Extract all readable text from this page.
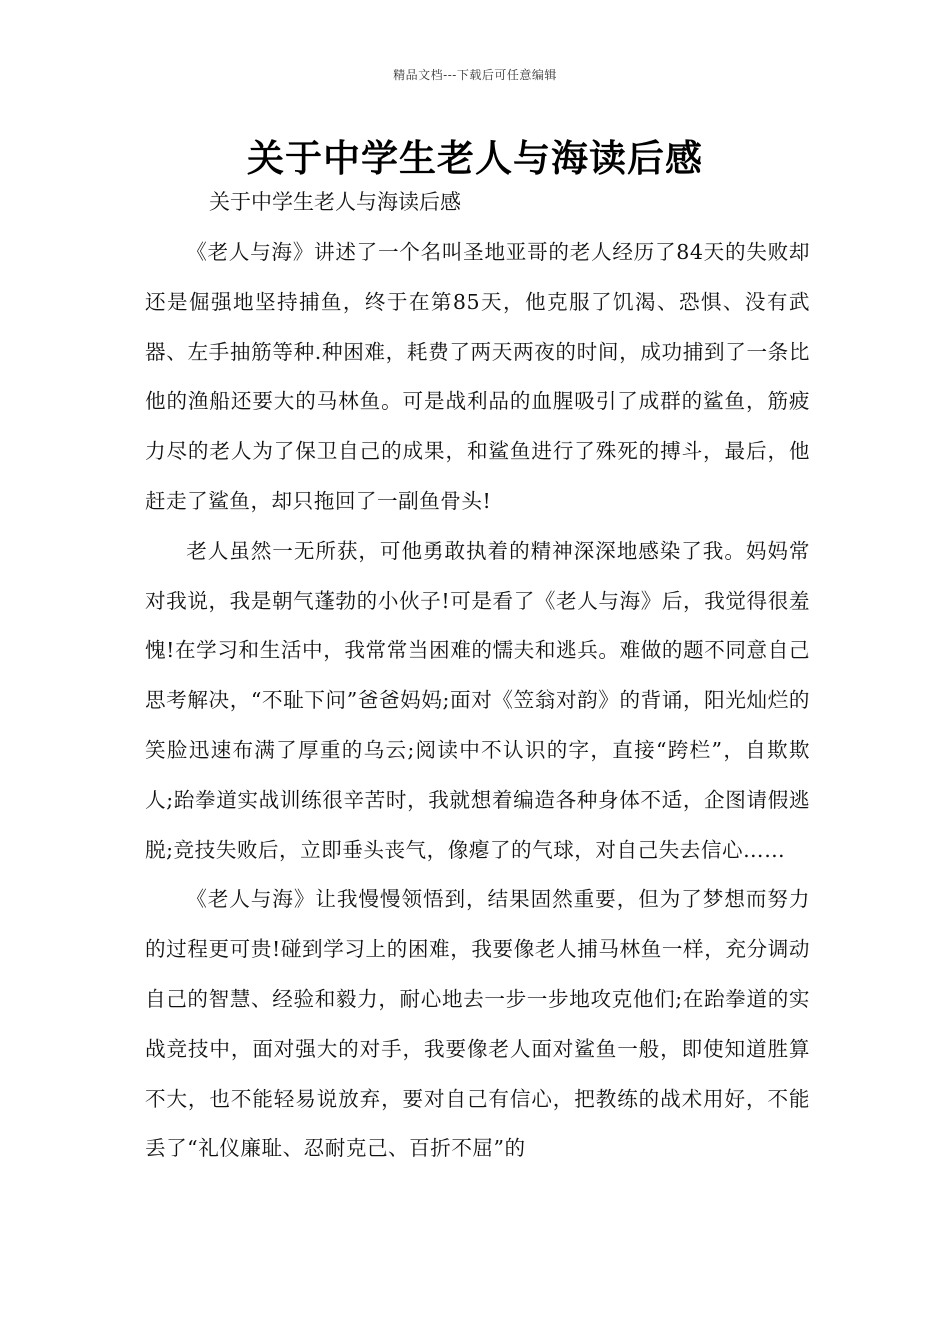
精品文档---下载后可任意编辑
关于中学生老人与海读后感

关于中学生老人与海读后感

《老人与海》讲述了一个名叫圣地亚哥的老人经历了84天的失败却还是倔强地坚持捕鱼，终于在第85天，他克服了饥渴、恐惧、没有武器、左手抽筋等种.种困难，耗费了两天两夜的时间，成功捕到了一条比他的渔船还要大的马林鱼。可是战利品的血腥吸引了成群的鲨鱼，筋疲力尽的老人为了保卫自己的成果，和鲨鱼进行了殊死的搏斗，最后，他赶走了鲨鱼，却只拖回了一副鱼骨头!

老人虽然一无所获，可他勇敢执着的精神深深地感染了我。妈妈常对我说，我是朝气蓬勃的小伙子!可是看了《老人与海》后，我觉得很羞愧!在学习和生活中，我常常当困难的懦夫和逃兵。难做的题不同意自己思考解决，“不耻下问”爸爸妈妈;面对《笠翁对韵》的背诵，阳光灿烂的笑脸迅速布满了厚重的乌云;阅读中不认识的字，直接“跨栏”，自欺欺人;跆拳道实战训练很辛苦时，我就想着编造各种身体不适，企图请假逃脱;竞技失败后，立即垂头丧气，像瘪了的气球，对自己失去信心……

《老人与海》让我慢慢领悟到，结果固然重要，但为了梦想而努力的过程更可贵!碰到学习上的困难，我要像老人捕马林鱼一样，充分调动自己的智慧、经验和毅力，耐心地去一步一步地攻克他们;在跆拳道的实战竞技中，面对强大的对手，我要像老人面对鲨鱼一般，即使知道胜算不大，也不能轻易说放弃，要对自己有信心，把教练的战术用好，不能丢了“礼仪廉耻、忍耐克己、百折不屈”的
